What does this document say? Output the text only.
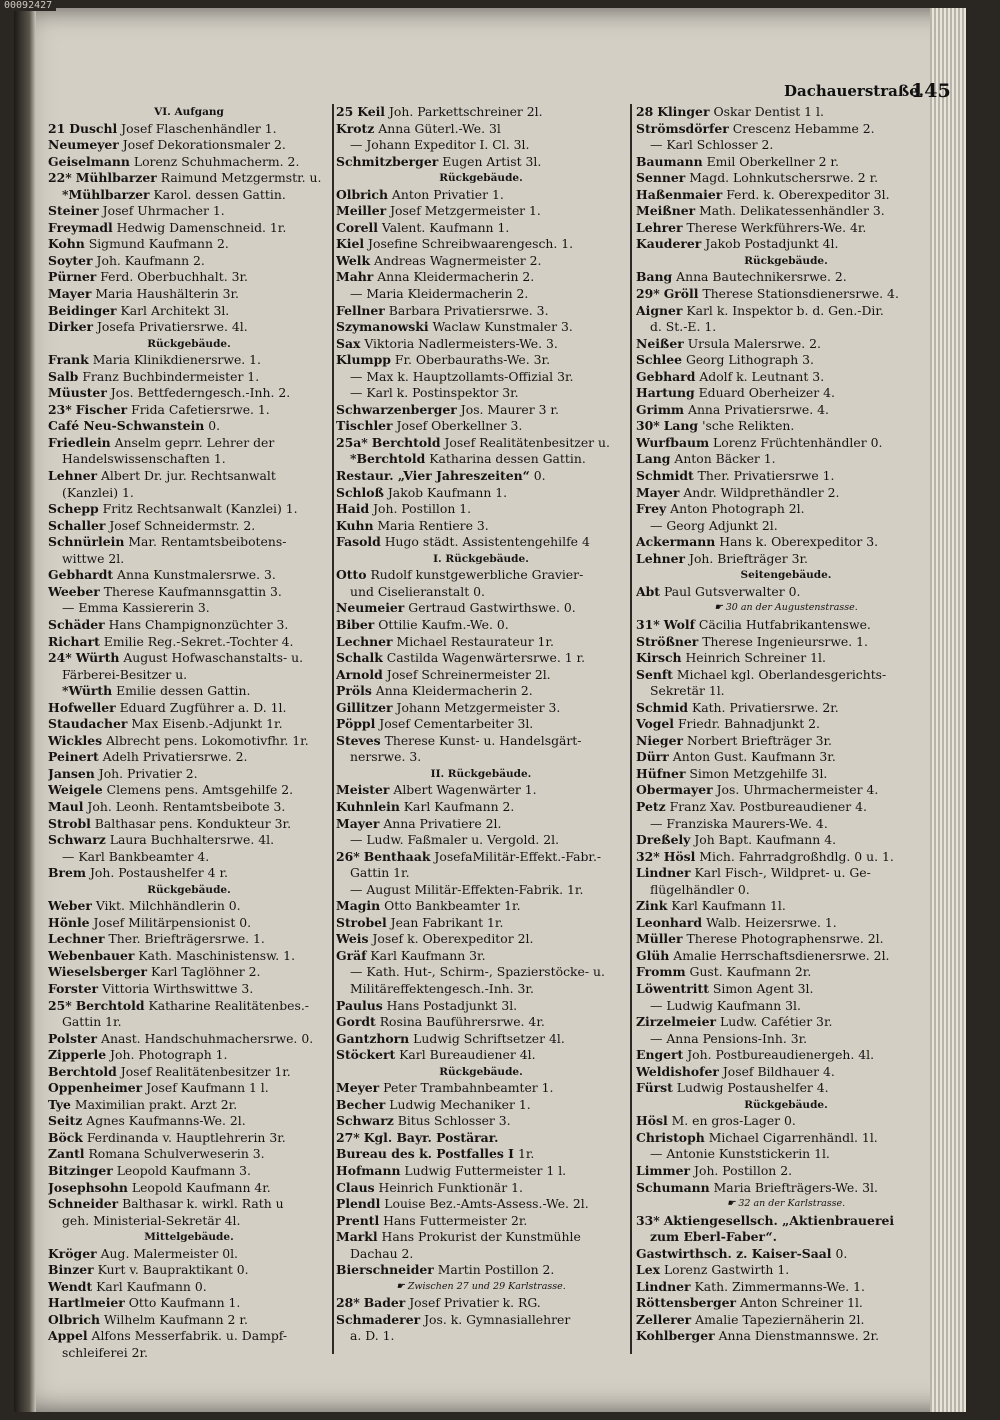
Dachauerstraße.
145
VI. Aufgang
21 Duschl Josef Flaschenhändler 1.
Neumeyer Josef Dekorationsmaler 2.
Geiselmann Lorenz Schuhmacherm. 2.
22* Mühlbarzer Raimund Metzgermstr. u.
*Mühlbarzer Karol. dessen Gattin.
Steiner Josef Uhrmacher 1.
Freymadl Hedwig Damenschneid. 1r.
Kohn Sigmund Kaufmann 2.
Soyter Joh. Kaufmann 2.
Pürner Ferd. Oberbuchhalt. 3r.
Mayer Maria Haushälterin 3r.
Beidinger Karl Architekt 3l.
Dirker Josefa Privatiersrwe. 4l.
Rückgebäude.
Frank Maria Klinikdienersrwe. 1.
Salb Franz Buchbindermeister 1.
Müuster Jos. Bettfederngesch.-Inh. 2.
23* Fischer Frida Cafetiersrwe. 1.
Café Neu-Schwanstein 0.
Friedlein Anselm geprr. Lehrer der
Handelswissenschaften 1.
Lehner Albert Dr. jur. Rechtsanwalt
(Kanzlei) 1.
Schepp Fritz Rechtsanwalt (Kanzlei) 1.
Schaller Josef Schneidermstr. 2.
Schnürlein Mar. Rentamtsbeibotens-
wittwe 2l.
Gebhardt Anna Kunstmalersrwe. 3.
Weeber Therese Kaufmannsgattin 3.
— Emma Kassiererin 3.
Schäder Hans Champignonzüchter 3.
Richart Emilie Reg.-Sekret.-Tochter 4.
24* Würth August Hofwaschanstalts- u.
Färberei-Besitzer u.
*Würth Emilie dessen Gattin.
Hofweller Eduard Zugführer a. D. 1l.
Staudacher Max Eisenb.-Adjunkt 1r.
Wickles Albrecht pens. Lokomotivfhr. 1r.
Peinert Adelh Privatiersrwe. 2.
Jansen Joh. Privatier 2.
Weigele Clemens pens. Amtsgehilfe 2.
Maul Joh. Leonh. Rentamtsbeibote 3.
Strobl Balthasar pens. Kondukteur 3r.
Schwarz Laura Buchhaltersrwe. 4l.
— Karl Bankbeamter 4.
Brem Joh. Postaushelfer 4 r.
Rückgebäude.
Weber Vikt. Milchhändlerin 0.
Hönle Josef Militärpensionist 0.
Lechner Ther. Briefträgersrwe. 1.
Webenbauer Kath. Maschinistensw. 1.
Wieselsberger Karl Taglöhner 2.
Forster Vittoria Wirthswittwe 3.
25* Berchtold Katharine Realitätenbes.-
Gattin 1r.
Polster Anast. Handschuhmachersrwe. 0.
Zipperle Joh. Photograph 1.
Berchtold Josef Realitätenbesitzer 1r.
Oppenheimer Josef Kaufmann 1 l.
Tye Maximilian prakt. Arzt 2r.
Seitz Agnes Kaufmanns-We. 2l.
Böck Ferdinanda v. Hauptlehrerin 3r.
Zantl Romana Schulverweserin 3.
Bitzinger Leopold Kaufmann 3.
Josephsohn Leopold Kaufmann 4r.
Schneider Balthasar k. wirkl. Rath u
geh. Ministerial-Sekretär 4l.
Mittelgebäude.
Kröger Aug. Malermeister 0l.
Binzer Kurt v. Baupraktikant 0.
Wendt Karl Kaufmann 0.
Hartlmeier Otto Kaufmann 1.
Olbrich Wilhelm Kaufmann 2 r.
Appel Alfons Messerfabrik. u. Dampf-
schleiferei 2r.
25 Keil Joh. Parkettschreiner 2l.
Krotz Anna Güterl.-We. 3l
— Johann Expeditor I. Cl. 3l.
Schmitzberger Eugen Artist 3l.
Rückgebäude.
Olbrich Anton Privatier 1.
Meiller Josef Metzgermeister 1.
Corell Valent. Kaufmann 1.
Kiel Josefine Schreibwaarengesch. 1.
Welk Andreas Wagnermeister 2.
Mahr Anna Kleidermacherin 2.
— Maria Kleidermacherin 2.
Fellner Barbara Privatiersrwe. 3.
Szymanowski Waclaw Kunstmaler 3.
Sax Viktoria Nadlermeisters-We. 3.
Klumpp Fr. Oberbauraths-We. 3r.
— Max k. Hauptzollamts-Offizial 3r.
— Karl k. Postinspektor 3r.
Schwarzenberger Jos. Maurer 3 r.
Tischler Josef Oberkellner 3.
25a* Berchtold Josef Realitätenbesitzer u.
*Berchtold Katharina dessen Gattin.
Restaur. „Vier Jahreszeiten“ 0.
Schloß Jakob Kaufmann 1.
Haid Joh. Postillon 1.
Kuhn Maria Rentiere 3.
Fasold Hugo städt. Assistentengehilfe 4
I. Rückgebäude.
Otto Rudolf kunstgewerbliche Gravier-
und Ciselieranstalt 0.
Neumeier Gertraud Gastwirthswe. 0.
Biber Ottilie Kaufm.-We. 0.
Lechner Michael Restaurateur 1r.
Schalk Castilda Wagenwärtersrwe. 1 r.
Arnold Josef Schreinermeister 2l.
Pröls Anna Kleidermacherin 2.
Gillitzer Johann Metzgermeister 3.
Pöppl Josef Cementarbeiter 3l.
Steves Therese Kunst- u. Handelsgärt-
nersrwe. 3.
II. Rückgebäude.
Meister Albert Wagenwärter 1.
Kuhnlein Karl Kaufmann 2.
Mayer Anna Privatiere 2l.
— Ludw. Faßmaler u. Vergold. 2l.
26* Benthaak JosefaMilitär-Effekt.-Fabr.-
Gattin 1r.
— August Militär-Effekten-Fabrik. 1r.
Magin Otto Bankbeamter 1r.
Strobel Jean Fabrikant 1r.
Weis Josef k. Oberexpeditor 2l.
Gräf Karl Kaufmann 3r.
— Kath. Hut-, Schirm-, Spazierstöcke- u.
Militäreffektengesch.-Inh. 3r.
Paulus Hans Postadjunkt 3l.
Gordt Rosina Bauführersrwe. 4r.
Gantzhorn Ludwig Schriftsetzer 4l.
Stöckert Karl Bureaudiener 4l.
Rückgebäude.
Meyer Peter Trambahnbeamter 1.
Becher Ludwig Mechaniker 1.
Schwarz Bitus Schlosser 3.
27* Kgl. Bayr. Postärar.
Bureau des k. Postfalles I 1r.
Hofmann Ludwig Futtermeister 1 l.
Claus Heinrich Funktionär 1.
Plendl Louise Bez.-Amts-Assess.-We. 2l.
Prentl Hans Futtermeister 2r.
Markl Hans Prokurist der Kunstmühle
Dachau 2.
Bierschneider Martin Postillon 2.
☛ Zwischen 27 und 29 Karlstrasse.
28* Bader Josef Privatier k. RG.
Schmaderer Jos. k. Gymnasiallehrer
a. D. 1.
28 Klinger Oskar Dentist 1 l.
Strömsdörfer Crescenz Hebamme 2.
— Karl Schlosser 2.
Baumann Emil Oberkellner 2 r.
Senner Magd. Lohnkutschersrwe. 2 r.
Haßenmaier Ferd. k. Oberexpeditor 3l.
Meißner Math. Delikatessenhändler 3.
Lehrer Therese Werkführers-We. 4r.
Kauderer Jakob Postadjunkt 4l.
Rückgebäude.
Bang Anna Bautechnikersrwe. 2.
29* Gröll Therese Stationsdienersrwe. 4.
Aigner Karl k. Inspektor b. d. Gen.-Dir.
d. St.-E. 1.
Neißer Ursula Malersrwe. 2.
Schlee Georg Lithograph 3.
Gebhard Adolf k. Leutnant 3.
Hartung Eduard Oberheizer 4.
Grimm Anna Privatiersrwe. 4.
30* Lang 'sche Relikten.
Wurfbaum Lorenz Früchtenhändler 0.
Lang Anton Bäcker 1.
Schmidt Ther. Privatiersrwe 1.
Mayer Andr. Wildprethändler 2.
Frey Anton Photograph 2l.
— Georg Adjunkt 2l.
Ackermann Hans k. Oberexpeditor 3.
Lehner Joh. Briefträger 3r.
Seitengebäude.
Abt Paul Gutsverwalter 0.
☛ 30 an der Augustenstrasse.
31* Wolf Cäcilia Hutfabrikantenswe.
Strößner Therese Ingenieursrwe. 1.
Kirsch Heinrich Schreiner 1l.
Senft Michael kgl. Oberlandesgerichts-
Sekretär 1l.
Schmid Kath. Privatiersrwe. 2r.
Vogel Friedr. Bahnadjunkt 2.
Nieger Norbert Briefträger 3r.
Dürr Anton Gust. Kaufmann 3r.
Hüfner Simon Metzgehilfe 3l.
Obermayer Jos. Uhrmachermeister 4.
Petz Franz Xav. Postbureaudiener 4.
— Franziska Maurers-We. 4.
Dreßely Joh Bapt. Kaufmann 4.
32* Hösl Mich. Fahrradgroßhdlg. 0 u. 1.
Lindner Karl Fisch-, Wildpret- u. Ge-
flügelhändler 0.
Zink Karl Kaufmann 1l.
Leonhard Walb. Heizersrwe. 1.
Müller Therese Photographensrwe. 2l.
Glüh Amalie Herrschaftsdienersrwe. 2l.
Fromm Gust. Kaufmann 2r.
Löwentritt Simon Agent 3l.
— Ludwig Kaufmann 3l.
Zirzelmeier Ludw. Cafétier 3r.
— Anna Pensions-Inh. 3r.
Engert Joh. Postbureaudienergeh. 4l.
Weldishofer Josef Bildhauer 4.
Fürst Ludwig Postaushelfer 4.
Rückgebäude.
Hösl M. en gros-Lager 0.
Christoph Michael Cigarrenhändl. 1l.
— Antonie Kunststickerin 1l.
Limmer Joh. Postillon 2.
Schumann Maria Briefträgers-We. 3l.
☛ 32 an der Karlstrasse.
33* Aktiengesellsch. „Aktienbrauerei
zum Eberl-Faber“.
Gastwirthsch. z. Kaiser-Saal 0.
Lex Lorenz Gastwirth 1.
Lindner Kath. Zimmermanns-We. 1.
Röttensberger Anton Schreiner 1l.
Zellerer Amalie Tapeziernäherin 2l.
Kohlberger Anna Dienstmannswe. 2r.
00092427
